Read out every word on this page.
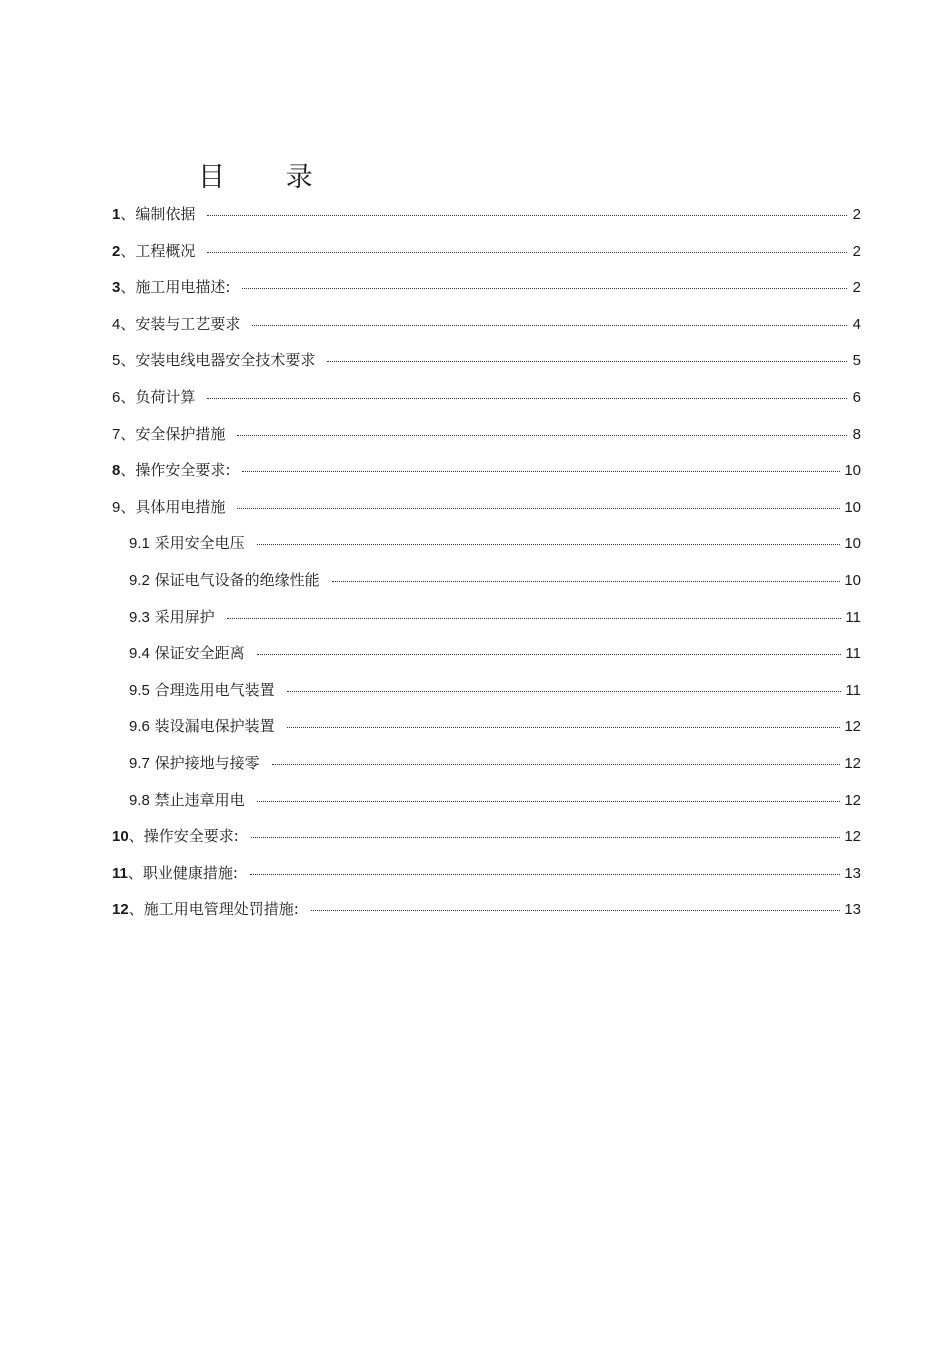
目 录
1、编制依据	2
2、工程概况	2
3、施工用电描述:	2
4、安装与工艺要求	4
5、安装电线电器安全技术要求	5
6、负荷计算	6
7、安全保护措施	8
8、操作安全要求:	10
9、具体用电措施	10
9.1 采用安全电压	10
9.2 保证电气设备的绝缘性能	10
9.3 采用屏护	11
9.4 保证安全距离	11
9.5 合理选用电气装置	11
9.6 装设漏电保护装置	12
9.7 保护接地与接零	12
9.8 禁止违章用电	12
10、操作安全要求:	12
11、职业健康措施:	13
12、施工用电管理处罚措施:	13
